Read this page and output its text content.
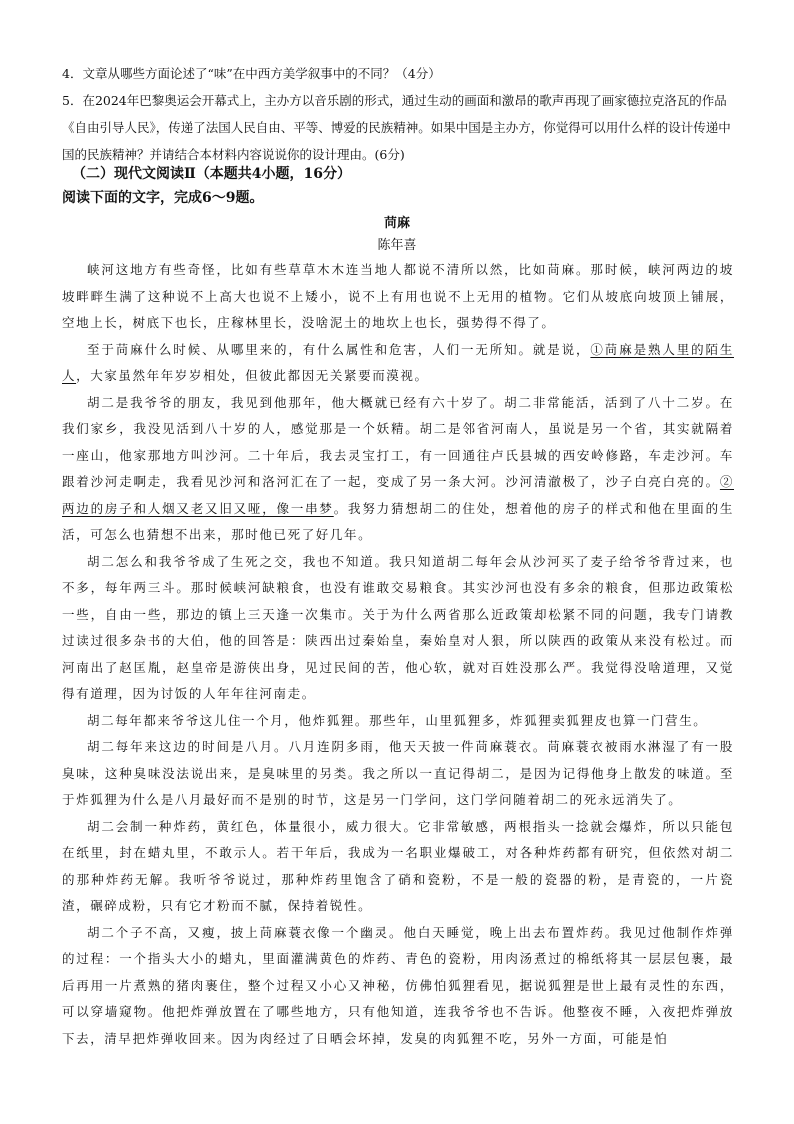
4．文章从哪些方面论述了“味”在中西方美学叙事中的不同？（4分）

5．在2024年巴黎奥运会开幕式上，主办方以音乐剧的形式，通过生动的画面和激昂的歌声再现了画家德拉克洛瓦的作品《自由引导人民》，传递了法国人民自由、平等、博爱的民族精神。如果中国是主办方，你觉得可以用什么样的设计传递中国的民族精神？并请结合本材料内容说说你的设计理由。(6分)

（二）现代文阅读Ⅱ（本题共4小题，16分）

阅读下面的文字，完成6～9题。

苘麻

陈年喜

峡河这地方有些奇怪，比如有些草草木木连当地人都说不清所以然，比如苘麻。那时候，峡河两边的坡坡畔畔生满了这种说不上高大也说不上矮小，说不上有用也说不上无用的植物。它们从坡底向坡顶上铺展，空地上长，树底下也长，庄稼林里长，没啥泥土的地坎上也长，强势得不得了。

至于苘麻什么时候、从哪里来的，有什么属性和危害，人们一无所知。就是说，①苘麻是熟人里的陌生人，大家虽然年年岁岁相处，但彼此都因无关紧要而漠视。

胡二是我爷爷的朋友，我见到他那年，他大概就已经有六十岁了。胡二非常能活，活到了八十二岁。在我们家乡，我没见活到八十岁的人，感觉那是一个妖精。胡二是邻省河南人，虽说是另一个省，其实就隔着一座山，他家那地方叫沙河。二十年后，我去灵宝打工，有一回通往卢氏县城的西安岭修路，车走沙河。车跟着沙河走啊走，我看见沙河和洛河汇在了一起，变成了另一条大河。沙河清澈极了，沙子白亮白亮的。②两边的房子和人烟又老又旧又哑，像一串梦。我努力猜想胡二的住处，想着他的房子的样式和他在里面的生活，可怎么也猜想不出来，那时他已死了好几年。

胡二怎么和我爷爷成了生死之交，我也不知道。我只知道胡二每年会从沙河买了麦子给爷爷背过来，也不多，每年两三斗。那时候峡河缺粮食，也没有谁敢交易粮食。其实沙河也没有多余的粮食，但那边政策松一些，自由一些，那边的镇上三天逢一次集市。关于为什么两省那么近政策却松紧不同的问题，我专门请教过读过很多杂书的大伯，他的回答是：陕西出过秦始皇，秦始皇对人狠，所以陕西的政策从来没有松过。而河南出了赵匡胤，赵皇帝是游侠出身，见过民间的苦，他心软，就对百姓没那么严。我觉得没啥道理，又觉得有道理，因为讨饭的人年年往河南走。

胡二每年都来爷爷这儿住一个月，他炸狐狸。那些年，山里狐狸多，炸狐狸卖狐狸皮也算一门营生。

胡二每年来这边的时间是八月。八月连阴多雨，他天天披一件苘麻蓑衣。苘麻蓑衣被雨水淋湿了有一股臭味，这种臭味没法说出来，是臭味里的另类。我之所以一直记得胡二，是因为记得他身上散发的味道。至于炸狐狸为什么是八月最好而不是别的时节，这是另一门学问，这门学问随着胡二的死永远消失了。

胡二会制一种炸药，黄红色，体量很小，威力很大。它非常敏感，两根指头一捻就会爆炸，所以只能包在纸里，封在蜡丸里，不敢示人。若干年后，我成为一名职业爆破工，对各种炸药都有研究，但依然对胡二的那种炸药无解。我听爷爷说过，那种炸药里饱含了硝和瓷粉，不是一般的瓷器的粉，是青瓷的，一片瓷渣，碾碎成粉，只有它才粉而不腻，保持着锐性。

胡二个子不高，又瘦，披上苘麻蓑衣像一个幽灵。他白天睡觉，晚上出去布置炸药。我见过他制作炸弹的过程：一个指头大小的蜡丸，里面灌满黄色的炸药、青色的瓷粉，用肉汤煮过的棉纸将其一层层包裹，最后再用一片煮熟的猪肉裹住，整个过程又小心又神秘，仿佛怕狐狸看见，据说狐狸是世上最有灵性的东西，可以穿墙窥物。他把炸弹放置在了哪些地方，只有他知道，连我爷爷也不告诉。他整夜不睡，入夜把炸弹放下去，清早把炸弹收回来。因为肉经过了日晒会坏掉，发臭的肉狐狸不吃，另外一方面，可能是怕
